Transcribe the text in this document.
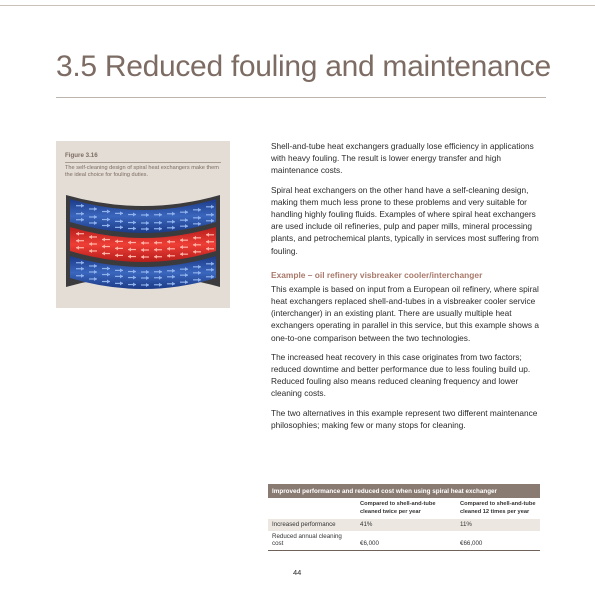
3.5 Reduced fouling and maintenance
Figure 3.16
The self-cleaning design of spiral heat exchangers make them the ideal choice for fouling duties.

Shell-and-tube heat exchangers gradually lose efficiency in applications with heavy fouling. The result is lower energy transfer and high maintenance costs.

Spiral heat exchangers on the other hand have a self-cleaning design, making them much less prone to these problems and very suitable for handling highly fouling fluids. Examples of where spiral heat exchangers are used include oil refineries, pulp and paper mills, mineral processing plants, and petrochemical plants, typically in services most suffering from fouling.

Example – oil refinery visbreaker cooler/interchanger

This example is based on input from a European oil refinery, where spiral heat exchangers replaced shell-and-tubes in a visbreaker cooler service (interchanger) in an existing plant. There are usually multiple heat exchangers operating in parallel in this service, but this example shows a one-to-one comparison between the two technologies.

The increased heat recovery in this case originates from two factors; reduced downtime and better performance due to less fouling build up. Reduced fouling also means reduced cleaning frequency and lower cleaning costs.

The two alternatives in this example represent two different maintenance philosophies; making few or many stops for cleaning.

Improved performance and reduced cost when using spiral heat exchanger		
	Compared to shell-and-tube cleaned twice per year	Compared to shell-and-tube cleaned 12 times per year
Increased performance	41%	11%
Reduced annual cleaning cost	€6,000	€66,000
44
